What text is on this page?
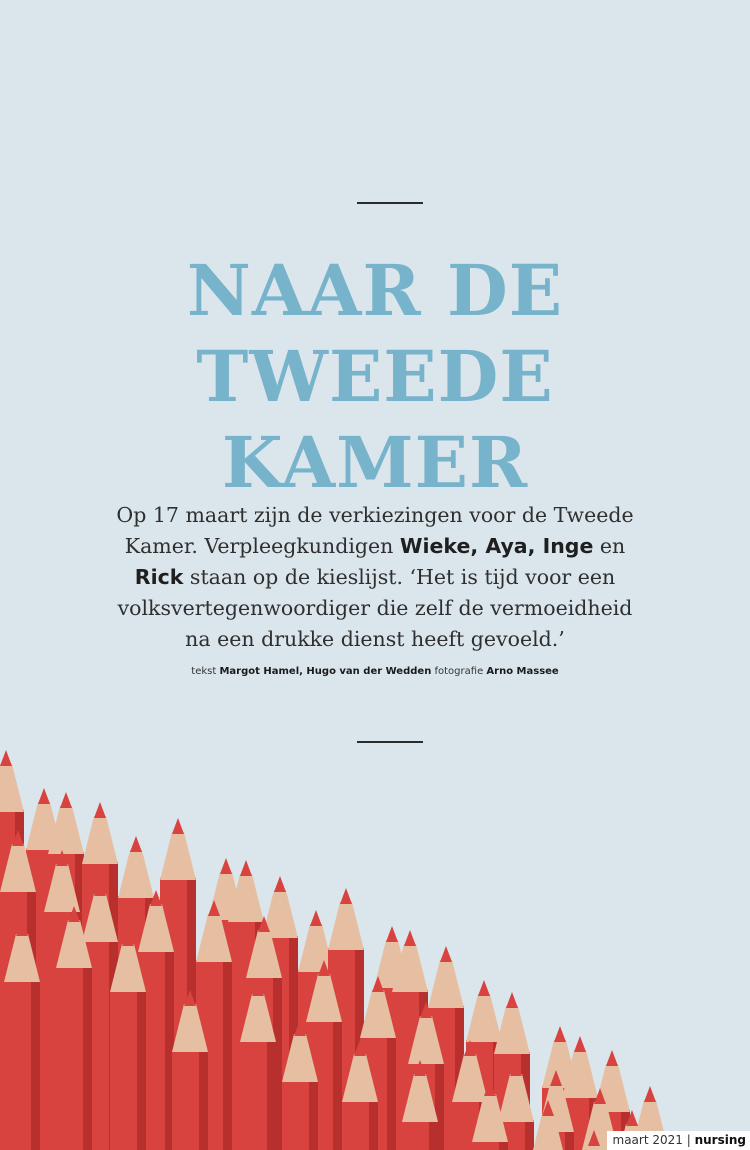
NAAR DE
TWEEDE
KAMER
Op 17 maart zijn de verkiezingen voor de Tweede Kamer. Verpleegkundigen Wieke, Aya, Inge en Rick staan op de kieslijst. ‘Het is tijd voor een volksvertegenwoordiger die zelf de vermoeidheid na een drukke dienst heeft gevoeld.’
tekst Margot Hamel, Hugo van der Wedden fotografie Arno Massee
maart 2021 | nursing
